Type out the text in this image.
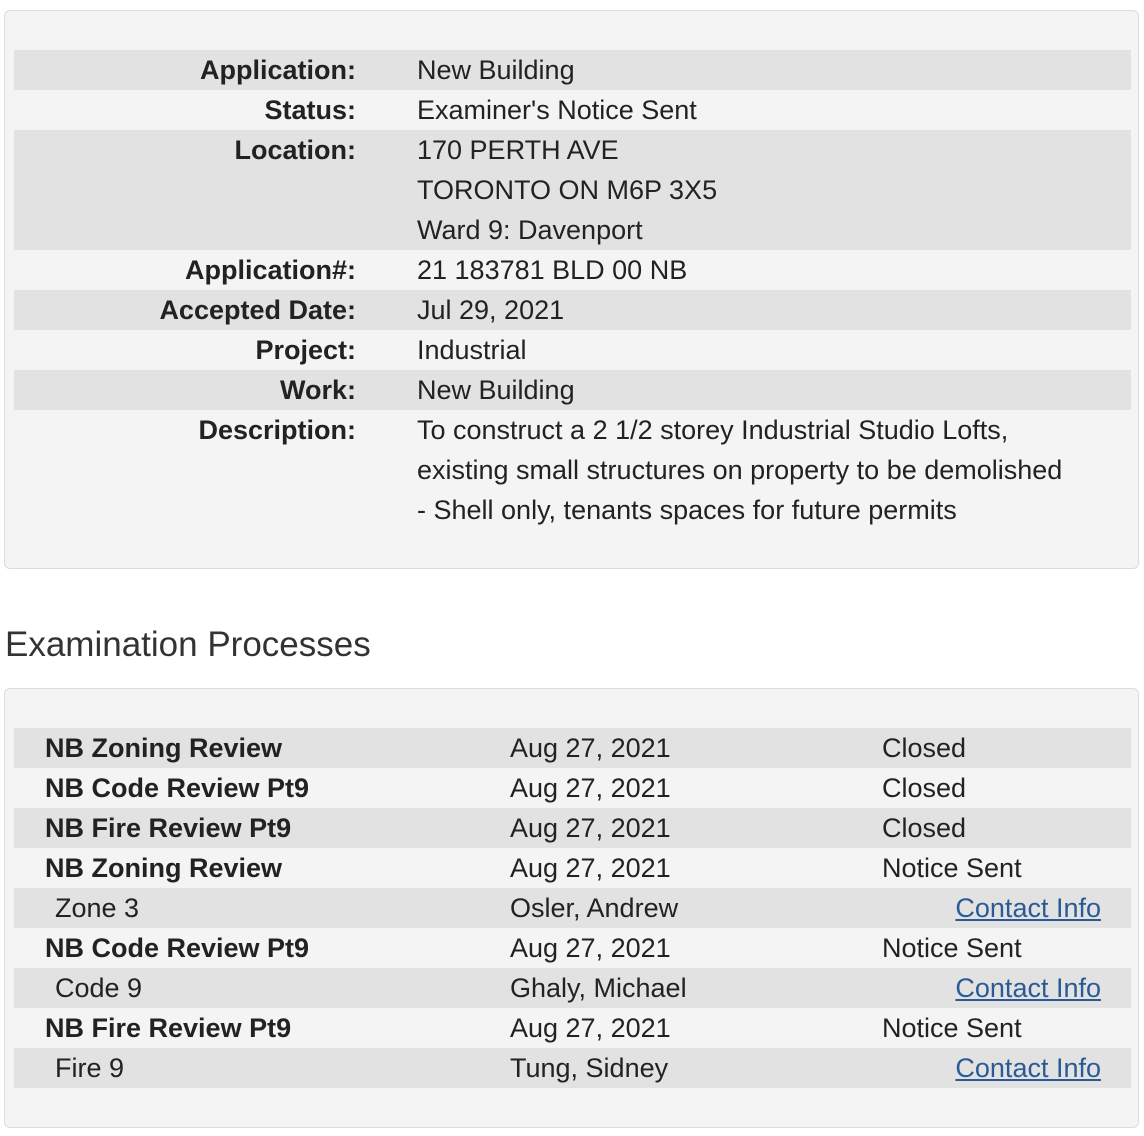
Application: New Building
Status: Examiner's Notice Sent
Location: 170 PERTH AVE
TORONTO ON M6P 3X5
Ward 9: Davenport
Application#: 21 183781 BLD 00 NB
Accepted Date: Jul 29, 2021
Project: Industrial
Work: New Building
Description: To construct a 2 1/2 storey Industrial Studio Lofts,
existing small structures on property to be demolished
- Shell only, tenants spaces for future permits
Examination Processes
NB Zoning Review	Aug 27, 2021	Closed
NB Code Review Pt9	Aug 27, 2021	Closed
NB Fire Review Pt9	Aug 27, 2021	Closed
NB Zoning Review	Aug 27, 2021	Notice Sent
Zone 3	Osler, Andrew	Contact Info
NB Code Review Pt9	Aug 27, 2021	Notice Sent
Code 9	Ghaly, Michael	Contact Info
NB Fire Review Pt9	Aug 27, 2021	Notice Sent
Fire 9	Tung, Sidney	Contact Info
